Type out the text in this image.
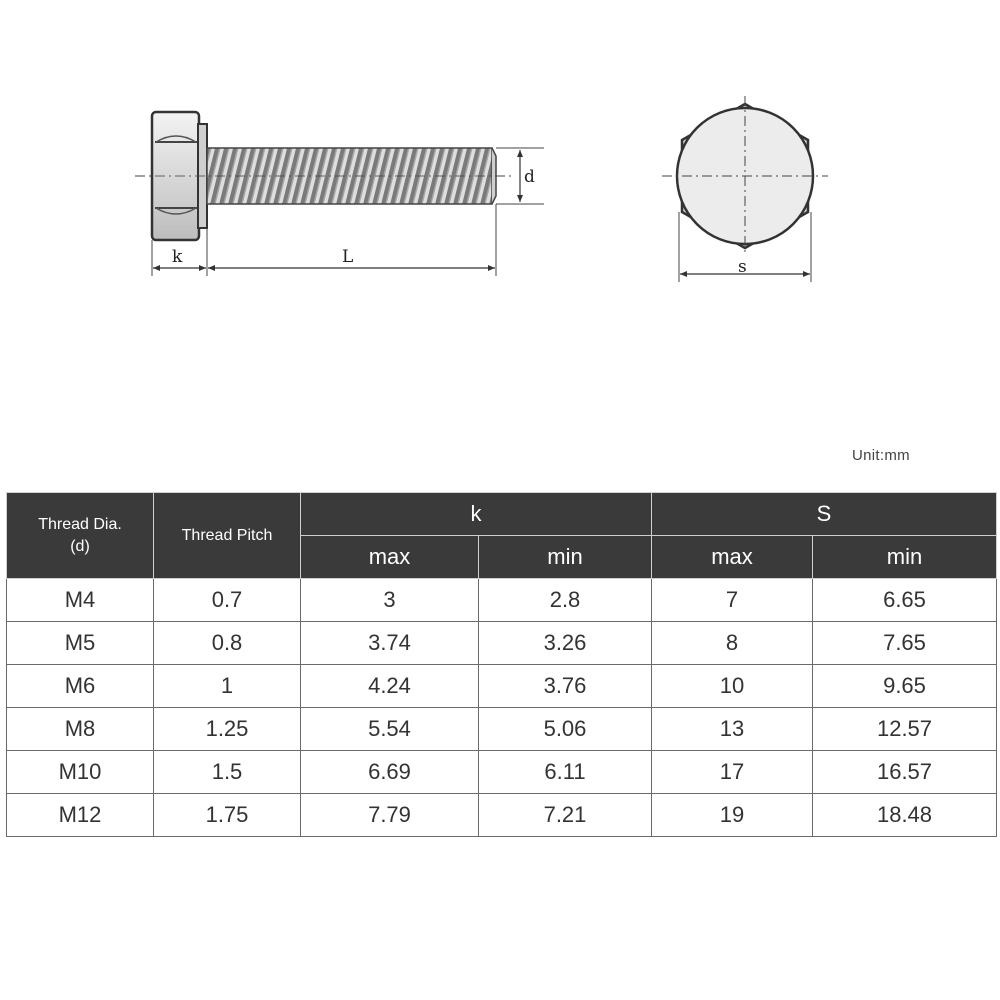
d
k	L	s
Unit:mm
Thread Dia.
(d)	Thread Pitch	k		S	
		max	min	max	min
M4	0.7	3	2.8	7	6.65
M5	0.8	3.74	3.26	8	7.65
M6	1	4.24	3.76	10	9.65
M8	1.25	5.54	5.06	13	12.57
M10	1.5	6.69	6.11	17	16.57
M12	1.75	7.79	7.21	19	18.48
